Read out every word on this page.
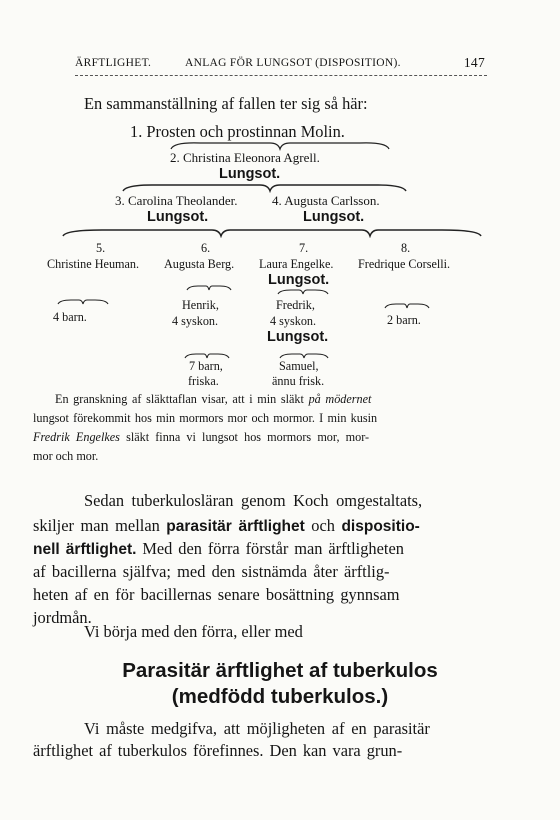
ÄRFTLIGHET.	ANLAG FÖR LUNGSOT (DISPOSITION).	147
En sammanställning af fallen ter sig så här:
1. Prosten och prostinnan Molin.
2. Christina Eleonora Agrell.
Lungsot.
3. Carolina Theolander.	4. Augusta Carlsson.
Lungsot.	Lungsot.
5.	6.	7.	8.
Christine Heuman. Augusta Berg. Laura Engelke. Fredrique Corselli.
Lungsot.
4 barn.
Henrik,
4 syskon.
Fredrik,
4 syskon.
Lungsot.
2 barn.
7 barn,
friska.
Samuel,
ännu frisk.
En granskning af släkttaflan visar, att i min släkt på mödernet
lungsot förekommit hos min mormors mor och mormor. I min kusin
Fredrik Engelkes släkt finna vi lungsot hos mormors mor, mor-
mor och mor.
Sedan tuberkulosläran genom Koch omgestaltats,
skiljer man mellan parasitär ärftlighet och dispositio-
nell ärftlighet. Med den förra förstår man ärftligheten
af bacillerna själfva; med den sistnämda åter ärftlig-
heten af en för bacillernas senare bosättning gynnsam
jordmån.
Vi börja med den förra, eller med
Parasitär ärftlighet af tuberkulos
(medfödd tuberkulos.)
Vi måste medgifva, att möjligheten af en parasitär
ärftlighet af tuberkulos förefinnes. Den kan vara grun-
